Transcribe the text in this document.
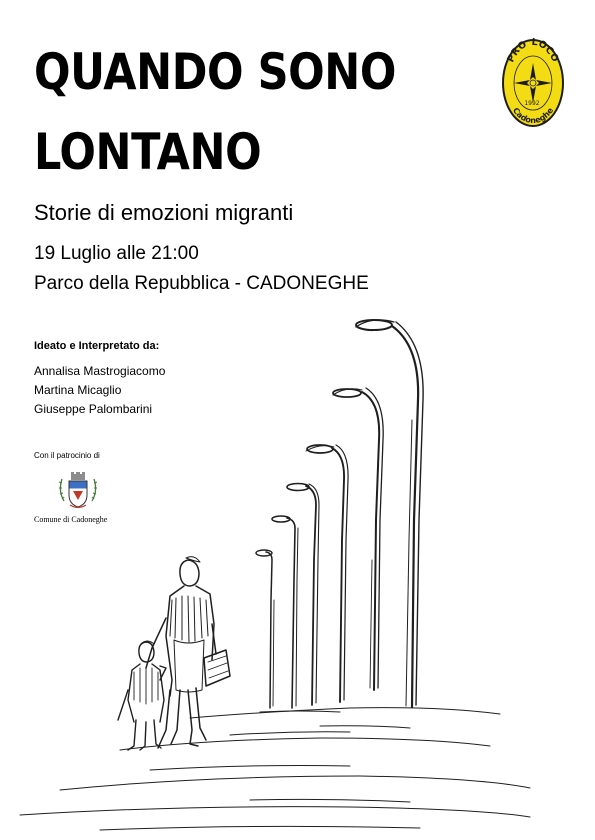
QUANDO SONO
LONTANO
Storie di emozioni migranti
19 Luglio alle 21:00
Parco della Repubblica - CADONEGHE
Ideato e Interpretato da:
Annalisa Mastrogiacomo
Martina Micaglio
Giuseppe Palombarini
Con il patrocinio di
Comune di Cadoneghe
PRO LOCO
1992
Cadoneghe
